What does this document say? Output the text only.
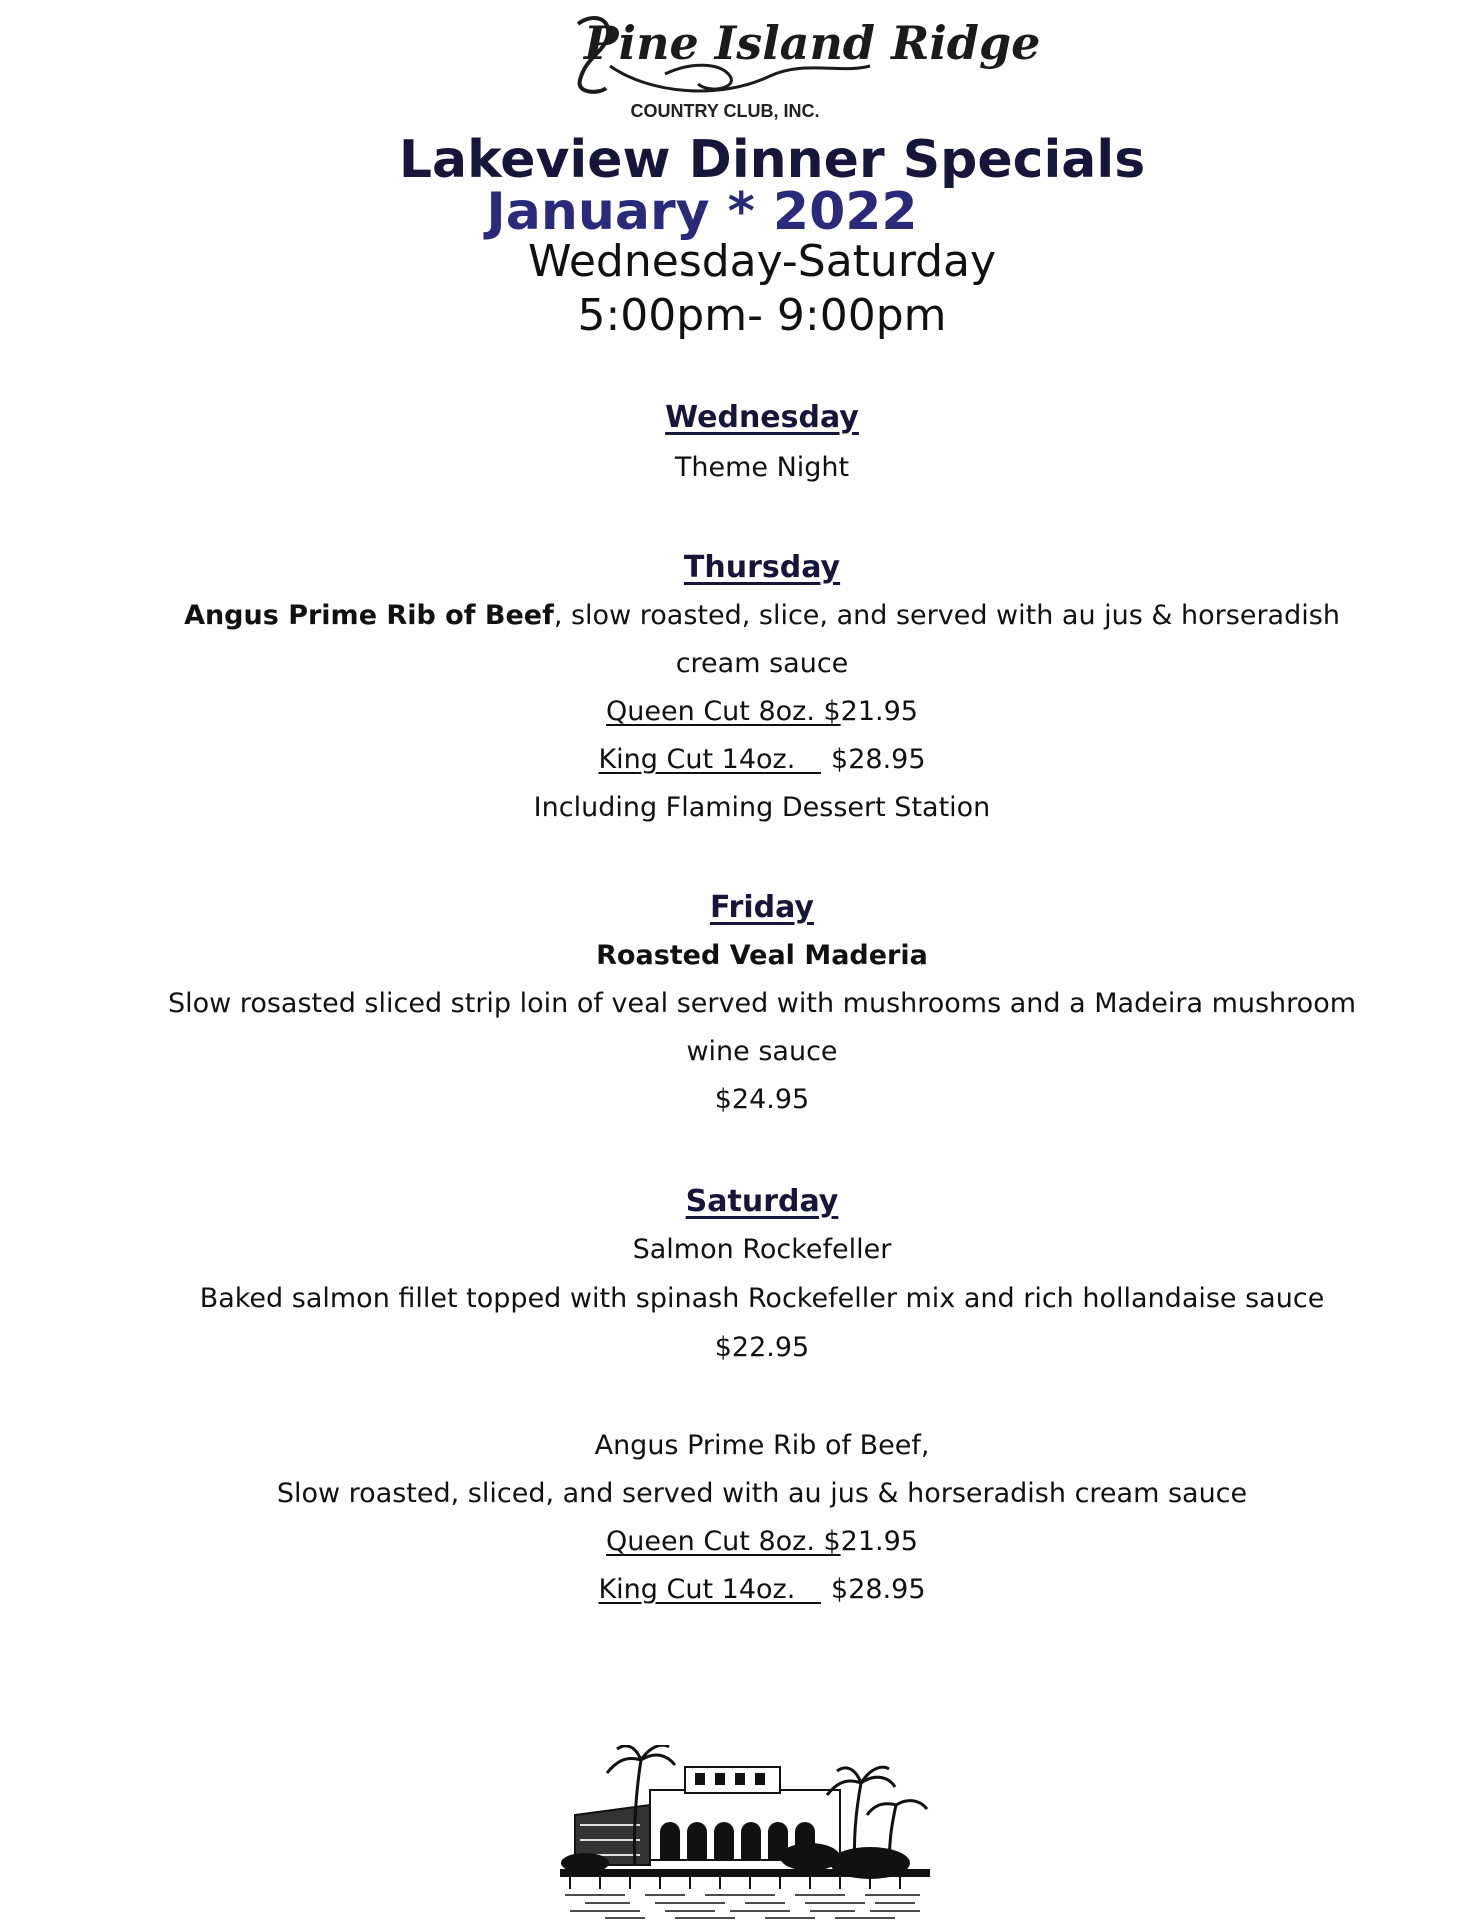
Pine Island Ridge
COUNTRY CLUB, INC.
Lakeview Dinner Specials
January * 2022
Wednesday-Saturday
5:00pm- 9:00pm
Wednesday
Theme Night
Thursday
Angus Prime Rib of Beef, slow roasted, slice, and served with au jus & horseradish
cream sauce
Queen Cut 8oz. $21.95
King Cut 14oz.   $28.95
Including Flaming Dessert Station
Friday
Roasted Veal Maderia
Slow rosasted sliced strip loin of veal served with mushrooms and a Madeira mushroom
wine sauce
$24.95
Saturday
Salmon Rockefeller
Baked salmon fillet topped with spinash Rockefeller mix and rich hollandaise sauce
$22.95
Angus Prime Rib of Beef,
Slow roasted, sliced, and served with au jus & horseradish cream sauce
Queen Cut 8oz. $21.95
King Cut 14oz.   $28.95
